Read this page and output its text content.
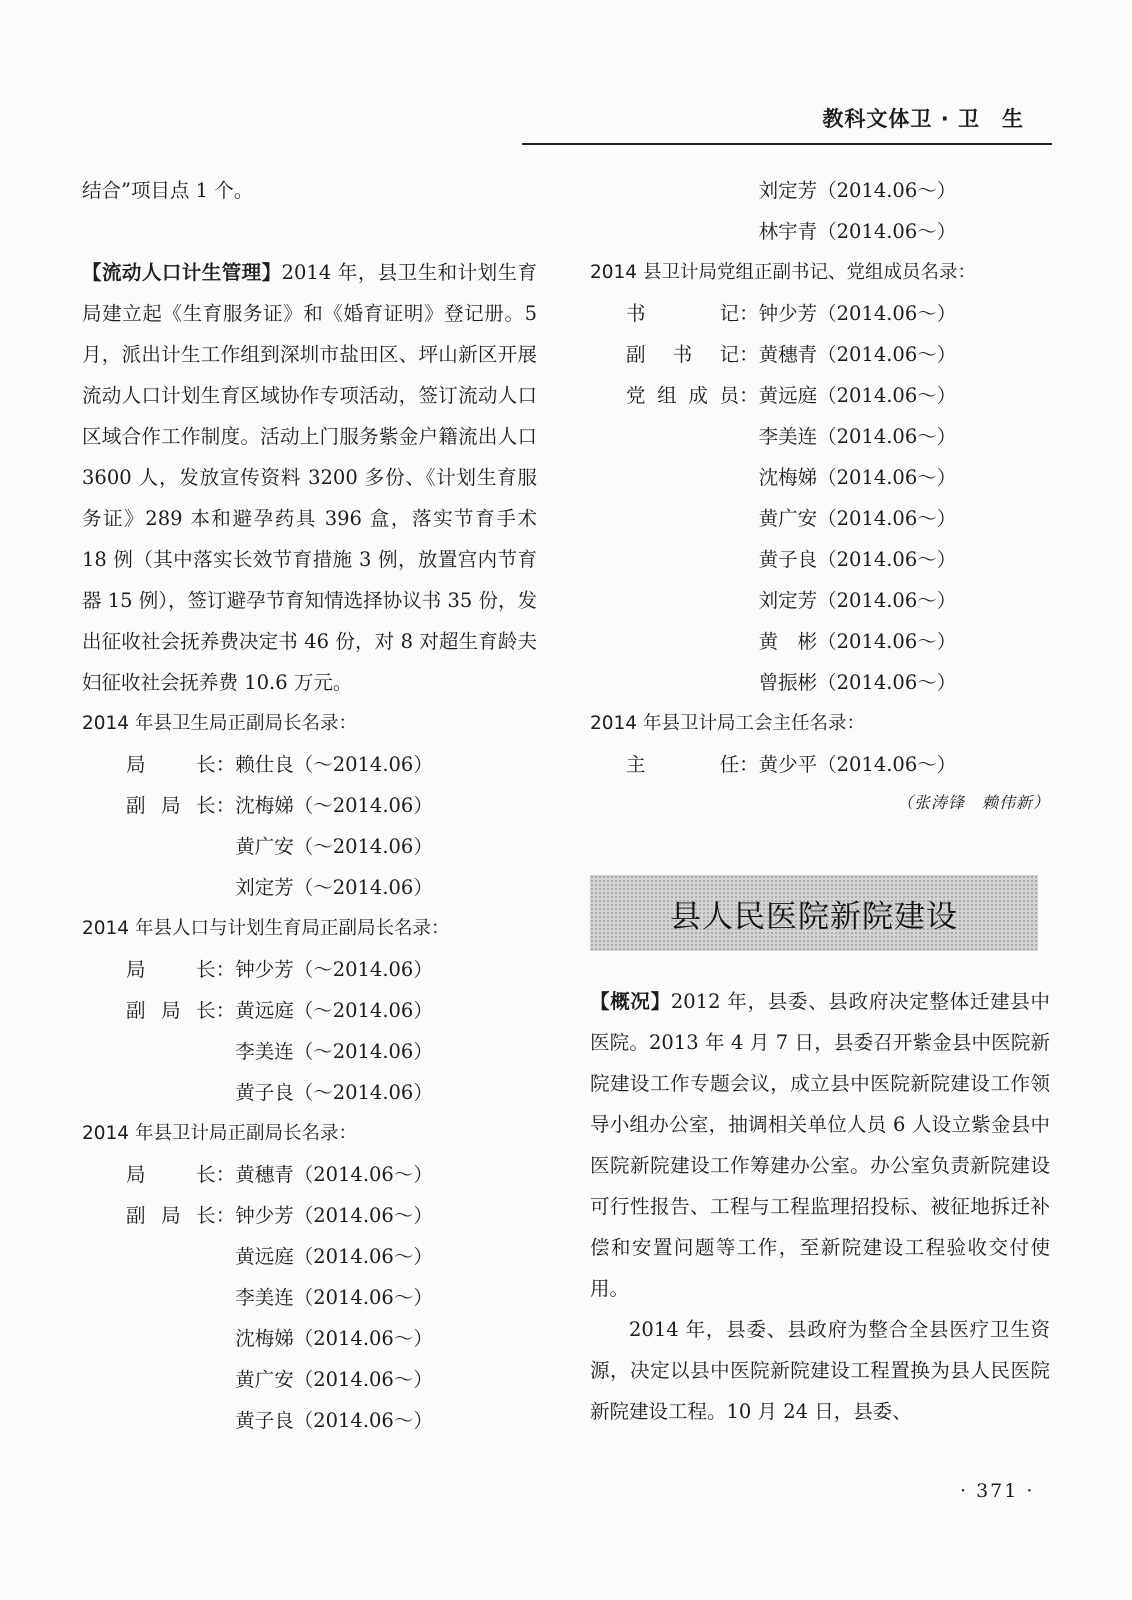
教科文体卫 · 卫　生

结合”项目点 1 个。

【流动人口计生管理】2014 年，县卫生和计划生育局建立起《生育服务证》和《婚育证明》登记册。5 月，派出计生工作组到深圳市盐田区、坪山新区开展流动人口计划生育区域协作专项活动，签订流动人口区域合作工作制度。活动上门服务紫金户籍流出人口 3600 人，发放宣传资料 3200 多份、《计划生育服务证》289 本和避孕药具 396 盒，落实节育手术 18 例（其中落实长效节育措施 3 例，放置宫内节育器 15 例），签订避孕节育知情选择协议书 35 份，发出征收社会抚养费决定书 46 份，对 8 对超生育龄夫妇征收社会抚养费 10.6 万元。

2014 年县卫生局正副局长名录：

局长：赖仕良（～2014.06）
副局长：沈梅娣（～2014.06）
黄广安（～2014.06）
刘定芳（～2014.06）

2014 年县人口与计划生育局正副局长名录：

局长：钟少芳（～2014.06）
副局长：黄远庭（～2014.06）
李美连（～2014.06）
黄子良（～2014.06）

2014 年县卫计局正副局长名录：

局长：黄穗青（2014.06～）
副局长：钟少芳（2014.06～）
黄远庭（2014.06～）
李美连（2014.06～）
沈梅娣（2014.06～）
黄广安（2014.06～）
黄子良（2014.06～）
刘定芳（2014.06～）
林宇青（2014.06～）

2014 县卫计局党组正副书记、党组成员名录：

书记：钟少芳（2014.06～）
副书记：黄穗青（2014.06～）
党组成员：黄远庭（2014.06～）
李美连（2014.06～）
沈梅娣（2014.06～）
黄广安（2014.06～）
黄子良（2014.06～）
刘定芳（2014.06～）
黄　彬（2014.06～）
曾振彬（2014.06～）

2014 年县卫计局工会主任名录：

主任：黄少平（2014.06～）
（张涛锋　赖伟新）
县人民医院新院建设

【概况】2012 年，县委、县政府决定整体迁建县中医院。2013 年 4 月 7 日，县委召开紫金县中医院新院建设工作专题会议，成立县中医院新院建设工作领导小组办公室，抽调相关单位人员 6 人设立紫金县中医院新院建设工作筹建办公室。办公室负责新院建设可行性报告、工程与工程监理招投标、被征地拆迁补偿和安置问题等工作，至新院建设工程验收交付使用。

2014 年，县委、县政府为整合全县医疗卫生资源，决定以县中医院新院建设工程置换为县人民医院新院建设工程。10 月 24 日，县委、

· 371 ·
